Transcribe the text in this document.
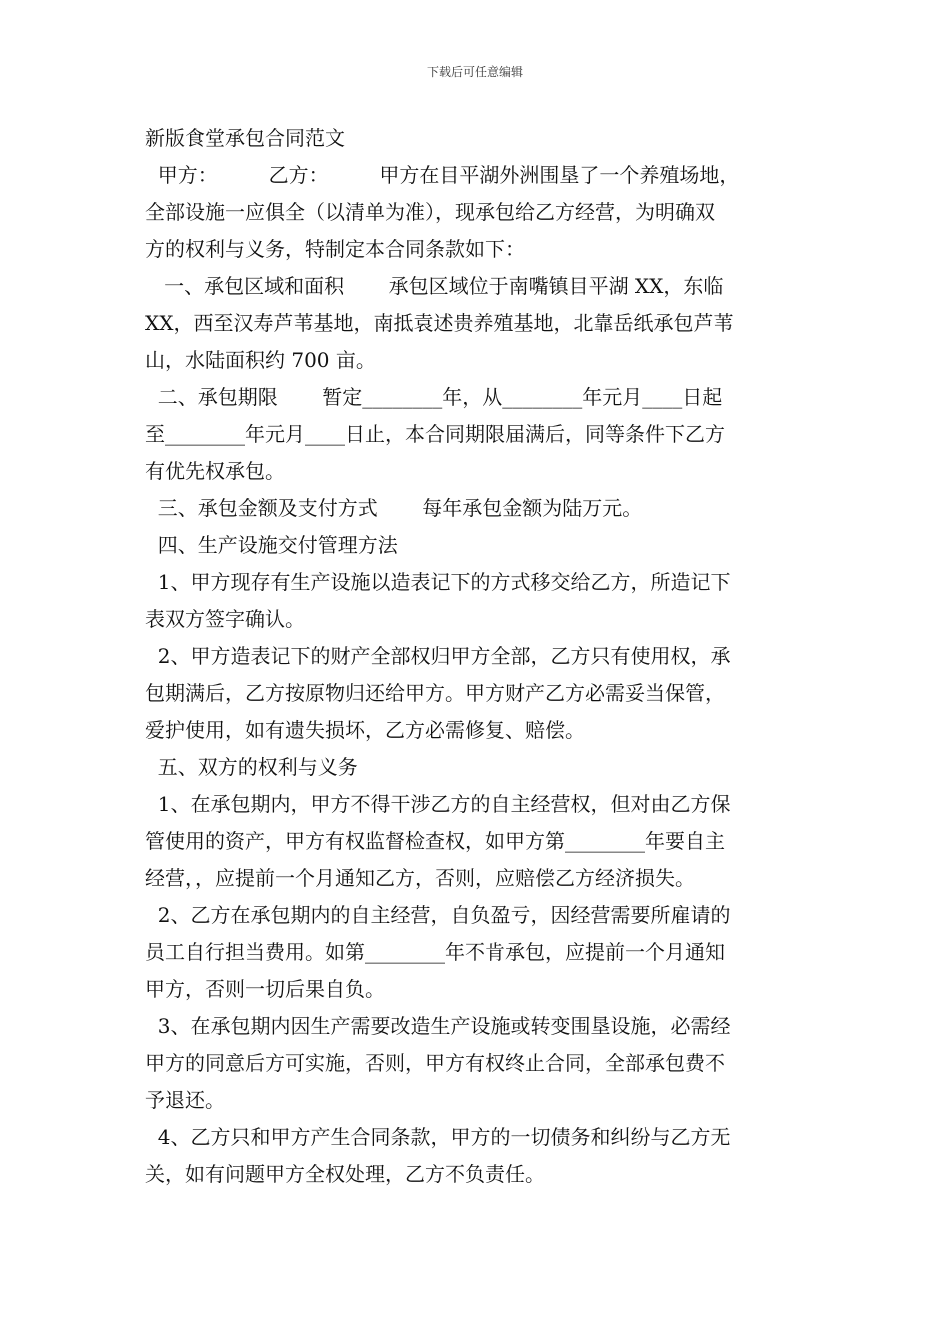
下载后可任意编辑
新版食堂承包合同范文
甲方：        乙方：        甲方在目平湖外洲围垦了一个养殖场地，
全部设施一应俱全（以清单为准），现承包给乙方经营，为明确双
方的权利与义务，特制定本合同条款如下：
一、承包区域和面积       承包区域位于南嘴镇目平湖 XX，东临
XX，西至汉寿芦苇基地，南抵袁述贵养殖基地，北靠岳纸承包芦苇
山，水陆面积约 700 亩。
二、承包期限       暂定________年，从________年元月____日起
至________年元月____日止，本合同期限届满后，同等条件下乙方
有优先权承包。
三、承包金额及支付方式       每年承包金额为陆万元。
四、生产设施交付管理方法
1、甲方现存有生产设施以造表记下的方式移交给乙方，所造记下
表双方签字确认。
2、甲方造表记下的财产全部权归甲方全部，乙方只有使用权，承
包期满后，乙方按原物归还给甲方。甲方财产乙方必需妥当保管，
爱护使用，如有遗失损坏，乙方必需修复、赔偿。
五、双方的权利与义务
1、在承包期内，甲方不得干涉乙方的自主经营权，但对由乙方保
管使用的资产，甲方有权监督检查权，如甲方第________年要自主
经营，，应提前一个月通知乙方，否则，应赔偿乙方经济损失。
2、乙方在承包期内的自主经营，自负盈亏，因经营需要所雇请的
员工自行担当费用。如第________年不肯承包，应提前一个月通知
甲方，否则一切后果自负。
3、在承包期内因生产需要改造生产设施或转变围垦设施，必需经
甲方的同意后方可实施，否则，甲方有权终止合同，全部承包费不
予退还。
4、乙方只和甲方产生合同条款，甲方的一切债务和纠纷与乙方无
关，如有问题甲方全权处理，乙方不负责任。
